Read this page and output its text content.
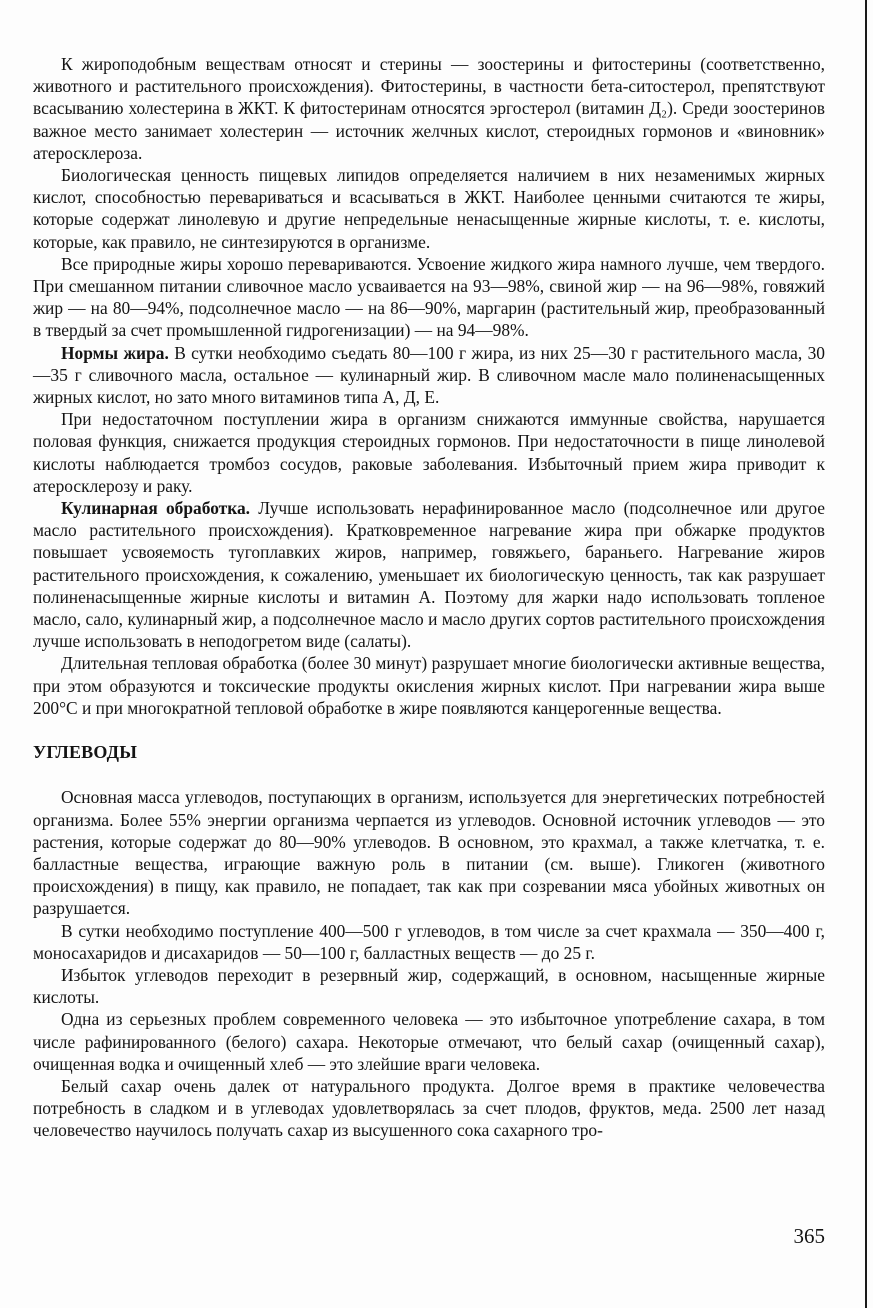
К жироподобным веществам относят и стерины — зоостерины и фитостерины (соответственно, животного и растительного происхождения). Фитостерины, в частности бета-ситостерол, препятствуют всасыванию холестерина в ЖКТ. К фитостеринам относятся эргостерол (витамин Д₂). Среди зоостеринов важное место занимает холестерин — источник желчных кислот, стероидных гормонов и «виновник» атеросклероза.

Биологическая ценность пищевых липидов определяется наличием в них незаменимых жирных кислот, способностью перевариваться и всасываться в ЖКТ. Наиболее ценными считаются те жиры, которые содержат линолевую и другие непредельные ненасыщенные жирные кислоты, т. е. кислоты, которые, как правило, не синтезируются в организме.

Все природные жиры хорошо перевариваются. Усвоение жидкого жира намного лучше, чем твердого. При смешанном питании сливочное масло усваивается на 93—98%, свиной жир — на 96—98%, говяжий жир — на 80—94%, подсолнечное масло — на 86—90%, маргарин (растительный жир, преобразованный в твердый за счет промышленной гидрогенизации) — на 94—98%.

Нормы жира. В сутки необходимо съедать 80—100 г жира, из них 25—30 г растительного масла, 30—35 г сливочного масла, остальное — кулинарный жир. В сливочном масле мало полиненасыщенных жирных кислот, но зато много витаминов типа А, Д, Е.

При недостаточном поступлении жира в организм снижаются иммунные свойства, нарушается половая функция, снижается продукция стероидных гормонов. При недостаточности в пище линолевой кислоты наблюдается тромбоз сосудов, раковые заболевания. Избыточный прием жира приводит к атеросклерозу и раку.

Кулинарная обработка. Лучше использовать нерафинированное масло (подсолнечное или другое масло растительного происхождения). Кратковременное нагревание жира при обжарке продуктов повышает усвояемость тугоплавких жиров, например, говяжьего, бараньего. Нагревание жиров растительного происхождения, к сожалению, уменьшает их биологическую ценность, так как разрушает полиненасыщенные жирные кислоты и витамин А. Поэтому для жарки надо использовать топленое масло, сало, кулинарный жир, а подсолнечное масло и масло других сортов растительного происхождения лучше использовать в неподогретом виде (салаты).

Длительная тепловая обработка (более 30 минут) разрушает многие биологически активные вещества, при этом образуются и токсические продукты окисления жирных кислот. При нагревании жира выше 200°С и при многократной тепловой обработке в жире появляются канцерогенные вещества.

УГЛЕВОДЫ

Основная масса углеводов, поступающих в организм, используется для энергетических потребностей организма. Более 55% энергии организма черпается из углеводов. Основной источник углеводов — это растения, которые содержат до 80—90% углеводов. В основном, это крахмал, а также клетчатка, т. е. балластные вещества, играющие важную роль в питании (см. выше). Гликоген (животного происхождения) в пищу, как правило, не попадает, так как при созревании мяса убойных животных он разрушается.

В сутки необходимо поступление 400—500 г углеводов, в том числе за счет крахмала — 350—400 г, моносахаридов и дисахаридов — 50—100 г, балластных веществ — до 25 г.

Избыток углеводов переходит в резервный жир, содержащий, в основном, насыщенные жирные кислоты.

Одна из серьезных проблем современного человека — это избыточное употребление сахара, в том числе рафинированного (белого) сахара. Некоторые отмечают, что белый сахар (очищенный сахар), очищенная водка и очищенный хлеб — это злейшие враги человека.

Белый сахар очень далек от натурального продукта. Долгое время в практике человечества потребность в сладком и в углеводах удовлетворялась за счет плодов, фруктов, меда. 2500 лет назад человечество научилось получать сахар из высушенного сока сахарного тро-

365
